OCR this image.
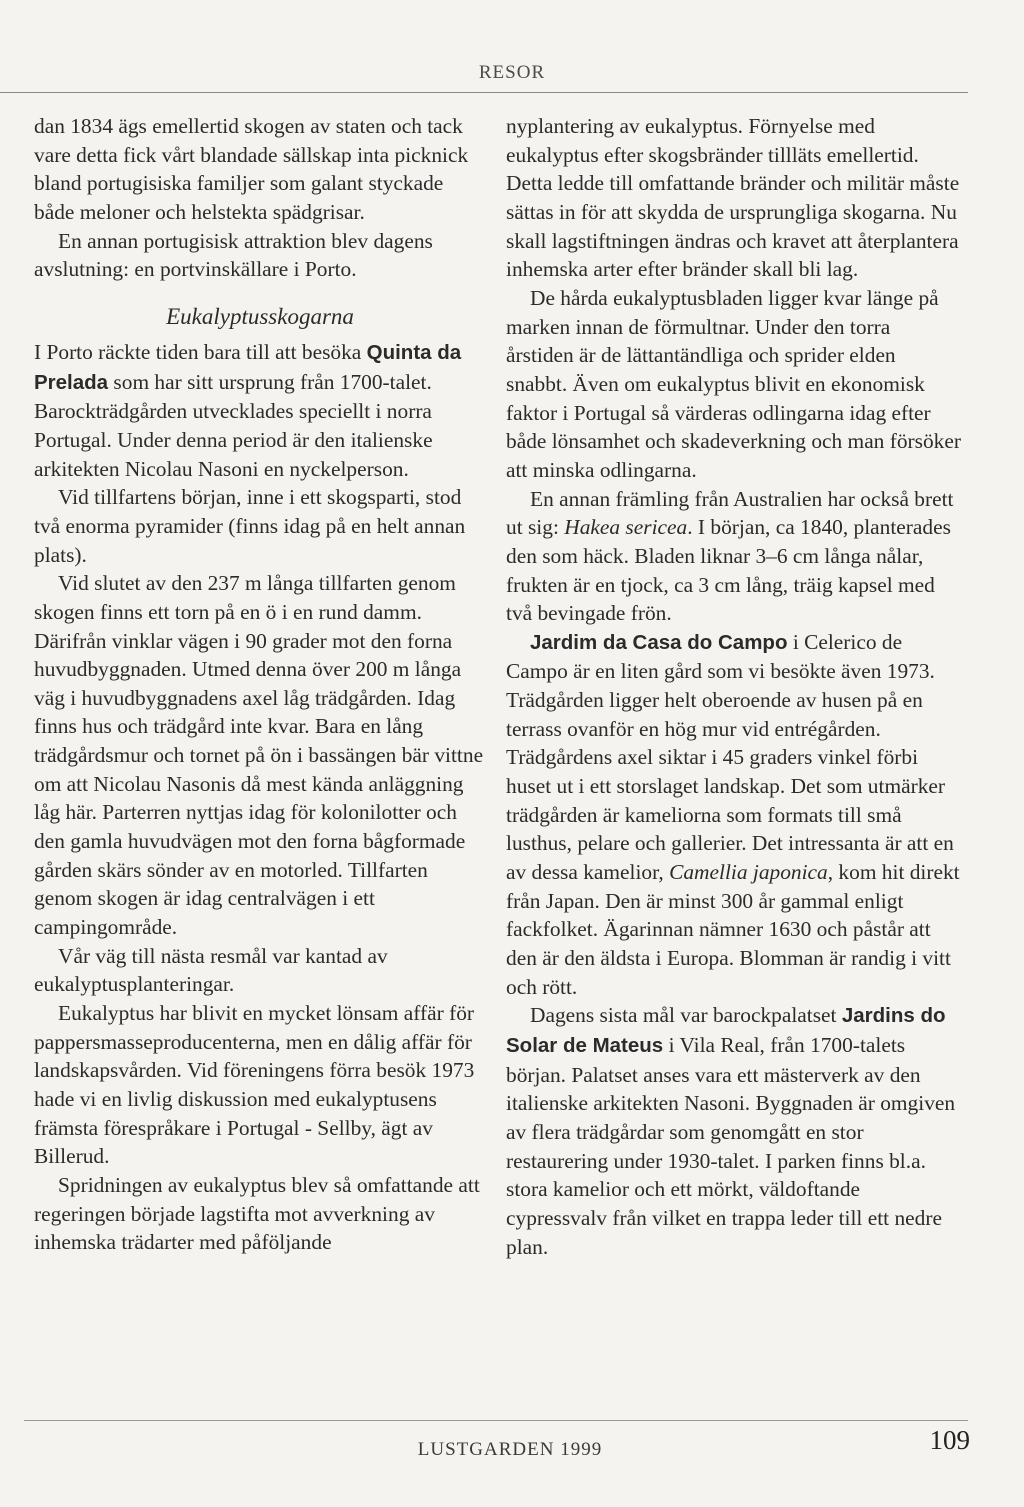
RESOR

dan 1834 ägs emellertid skogen av staten och tack vare detta fick vårt blandade sällskap inta picknick bland portugisiska familjer som galant styckade både meloner och helstekta spädgrisar.

En annan portugisisk attraktion blev dagens avslutning: en portvinskällare i Porto.

Eukalyptusskogarna

I Porto räckte tiden bara till att besöka Quinta da Prelada som har sitt ursprung från 1700-talet. Barockträdgården utvecklades speciellt i norra Portugal. Under denna period är den italienske arkitekten Nicolau Nasoni en nyckelperson.

Vid tillfartens början, inne i ett skogsparti, stod två enorma pyramider (finns idag på en helt annan plats).

Vid slutet av den 237 m långa tillfarten genom skogen finns ett torn på en ö i en rund damm. Därifrån vinklar vägen i 90 grader mot den forna huvudbyggnaden. Utmed denna över 200 m långa väg i huvudbyggnadens axel låg trädgården. Idag finns hus och trädgård inte kvar. Bara en lång trädgårdsmur och tornet på ön i bassängen bär vittne om att Nicolau Nasonis då mest kända anläggning låg här. Parterren nyttjas idag för kolonilotter och den gamla huvudvägen mot den forna bågformade gården skärs sönder av en motorled. Tillfarten genom skogen är idag centralvägen i ett campingområde.

Vår väg till nästa resmål var kantad av eukalyptusplanteringar.

Eukalyptus har blivit en mycket lönsam affär för pappersmasseproducenterna, men en dålig affär för landskapsvården. Vid föreningens förra besök 1973 hade vi en livlig diskussion med eukalyptusens främsta förespråkare i Portugal - Sellby, ägt av Billerud.

Spridningen av eukalyptus blev så omfattande att regeringen började lagstifta mot avverkning av inhemska trädarter med påföljande

nyplantering av eukalyptus. Förnyelse med eukalyptus efter skogsbränder tillläts emellertid. Detta ledde till omfattande bränder och militär måste sättas in för att skydda de ursprungliga skogarna. Nu skall lagstiftningen ändras och kravet att återplantera inhemska arter efter bränder skall bli lag.

De hårda eukalyptusbladen ligger kvar länge på marken innan de förmultnar. Under den torra årstiden är de lättantändliga och sprider elden snabbt. Även om eukalyptus blivit en ekonomisk faktor i Portugal så värderas odlingarna idag efter både lönsamhet och skadeverkning och man försöker att minska odlingarna.

En annan främling från Australien har också brett ut sig: Hakea sericea. I början, ca 1840, planterades den som häck. Bladen liknar 3–6 cm långa nålar, frukten är en tjock, ca 3 cm lång, träig kapsel med två bevingade frön.

Jardim da Casa do Campo i Celerico de Campo är en liten gård som vi besökte även 1973. Trädgården ligger helt oberoende av husen på en terrass ovanför en hög mur vid entrégården. Trädgårdens axel siktar i 45 graders vinkel förbi huset ut i ett storslaget landskap. Det som utmärker trädgården är kameliorna som formats till små lusthus, pelare och gallerier. Det intressanta är att en av dessa kamelior, Camellia japonica, kom hit direkt från Japan. Den är minst 300 år gammal enligt fackfolket. Ägarinnan nämner 1630 och påstår att den är den äldsta i Europa. Blomman är randig i vitt och rött.

Dagens sista mål var barockpalatset Jardins do Solar de Mateus i Vila Real, från 1700-talets början. Palatset anses vara ett mästerverk av den italienske arkitekten Nasoni. Byggnaden är omgiven av flera trädgårdar som genomgått en stor restaurering under 1930-talet. I parken finns bl.a. stora kamelior och ett mörkt, väldoftande cypressvalv från vilket en trappa leder till ett nedre plan.

LUSTGARDEN 1999	109
